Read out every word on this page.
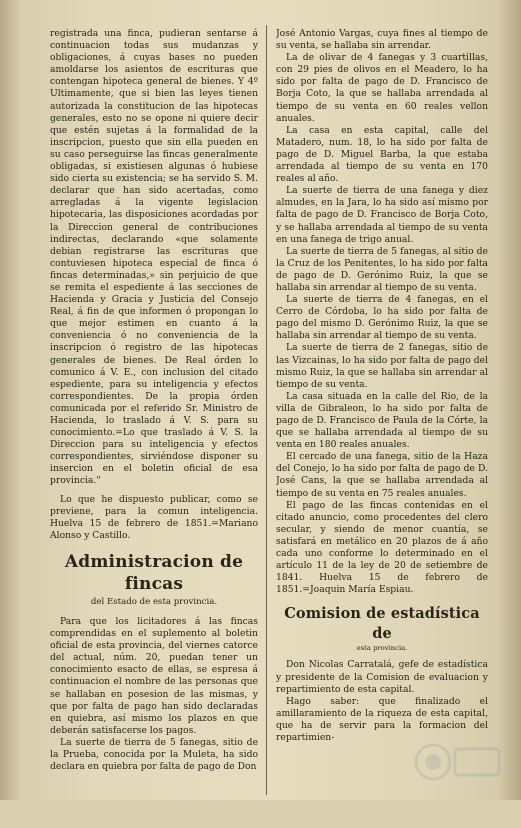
registrada una finca, pudieran sentarse á continuacion todas sus mudanzas y obligaciones, á cuyas bases no pueden amoldarse los asientos de escrituras que contengan hipoteca general de bienes. Y 4º Ultimamente, que si bien las leyes tienen autorizada la constitucion de las hipotecas generales, esto no se opone ni quiere decir que estén sujetas á la formalidad de la inscripcion, puesto que sin ella pueden en su caso perseguirse las fincas generalmente obligadas, si existiesen algunas ó hubiese sido cierta su existencia; se ha servido S. M. declarar que han sido acertadas, como arregladas á la vigente legislacion hipotecaria, las disposiciones acordadas por la Direccion general de contribuciones indirectas, declarando «que solamente debian registrarse las escrituras que contuviesen hipoteca especial de finca ó fincas determinadas,» sin perjuicio de que se remita el espediente á las secciones de Hacienda y Gracia y Justicia del Consejo Real, á fin de que informen ó propongan lo que mejor estimen en cuanto á la conveniencia ó no conveniencia de la inscripcion ó registro de las hipotecas generales de bienes. De Real órden lo comunico á V. E., con inclusion del citado espediente, para su inteligencia y efectos correspondientes. De la propia órden comunicada por el referido Sr. Ministro de Hacienda, lo traslado á V. S. para su conocimiento.=Lo que traslado á V. S. la Direccion para su inteligencia y efectos correspondientes, sirviéndose disponer su insercion en el boletin oficial de esa provincia."

Lo que he dispuesto publicar, como se previene, para la comun inteligencia. Huelva 15 de febrero de 1851.=Mariano Alonso y Castillo.

Administracion de fincas
del Estado de esta provincia.

Para que los licitadores á las fincas comprendidas en el suplemento al boletin oficial de esta provincia, del viernes catorce del actual, núm. 20, puedan tener un conocimiento esacto de ellas, se espresa á continuacion el nombre de las personas que se hallaban en posesion de las mismas, y que por falta de pago han sido declaradas en quiebra, así mismo los plazos en que deberán satisfacerse los pagos.

La suerte de tierra de 5 fanegas, sitio de la Prueba, conocida por la Muleta, ha sido declara en quiebra por falta de pago de Don

José Antonio Vargas, cuya fines al tiempo de su venta, se hallaba sin arrendar.

La de olivar de 4 fanegas y 3 cuartillas, con 29 pies de olivos en el Meadero, lo ha sido por falta de pago de D. Francisco de Borja Coto, la que se hallaba arrendada al tiempo de su venta en 60 reales vellon anuales.

La casa en esta capital, calle del Matadero, num. 18, lo ha sido por falta de pago de D. Miguel Barba, la que estaba arrendada al tiempo de su venta en 170 reales al año.

La suerte de tierra de una fanega y diez almudes, en la Jara, lo ha sido así mismo por falta de pago de D. Francisco de Borja Coto, y se hallaba arrendada al tiempo de su venta en una fanega de trigo anual.

La suerte de tierra de 5 fanegas, al sitio de la Cruz de los Penitentes, lo ha sido por falta de pago de D. Gerónimo Ruiz, la que se hallaba sin arrendar al tiempo de su venta.

La suerte de tierra de 4 fanegas, en el Cerro de Córdoba, lo ha sido por falta de pago del mismo D. Gerónimo Ruiz, la que se hallaba sin arrendar al tiempo de su venta.

La suerte de tierra de 2 fanegas, sitio de las Vizcainas, lo ha sido por falta de pago del mismo Ruiz, la que se hallaba sin arrendar al tiempo de su venta.

La casa situada en la calle del Rio, de la villa de Gibraleon, lo ha sido por falta de pago de D. Francisco de Paula de la Córte, la que se hallaba arrendada al tiempo de su venta en 180 reales anuales.

El cercado de una fanega, sitio de la Haza del Conejo, lo ha sido por falta de pago de D. José Cans, la que se hallaba arrendada al tiempo de su venta en 75 reales anuales.

El pago de las fincas contenidas en el citado anuncio, como procedentes del clero secular, y siendo de menor cuantía, se satisfará en metálico en 20 plazos de á año cada uno conforme lo determinado en el artículo 11 de la ley de 20 de setiembre de 1841. Huelva 15 de febrero de 1851.=Joaquin María Espiau.

Comision de estadística de
esta provincia.

Don Nicolas Carratalá, gefe de estadística y presidente de la Comision de evaluacion y repartimiento de esta capital.

Hago saber: que finalizado el amillaramiento de la riqueza de esta capital, que ha de servir para la formacion del repartimien-
